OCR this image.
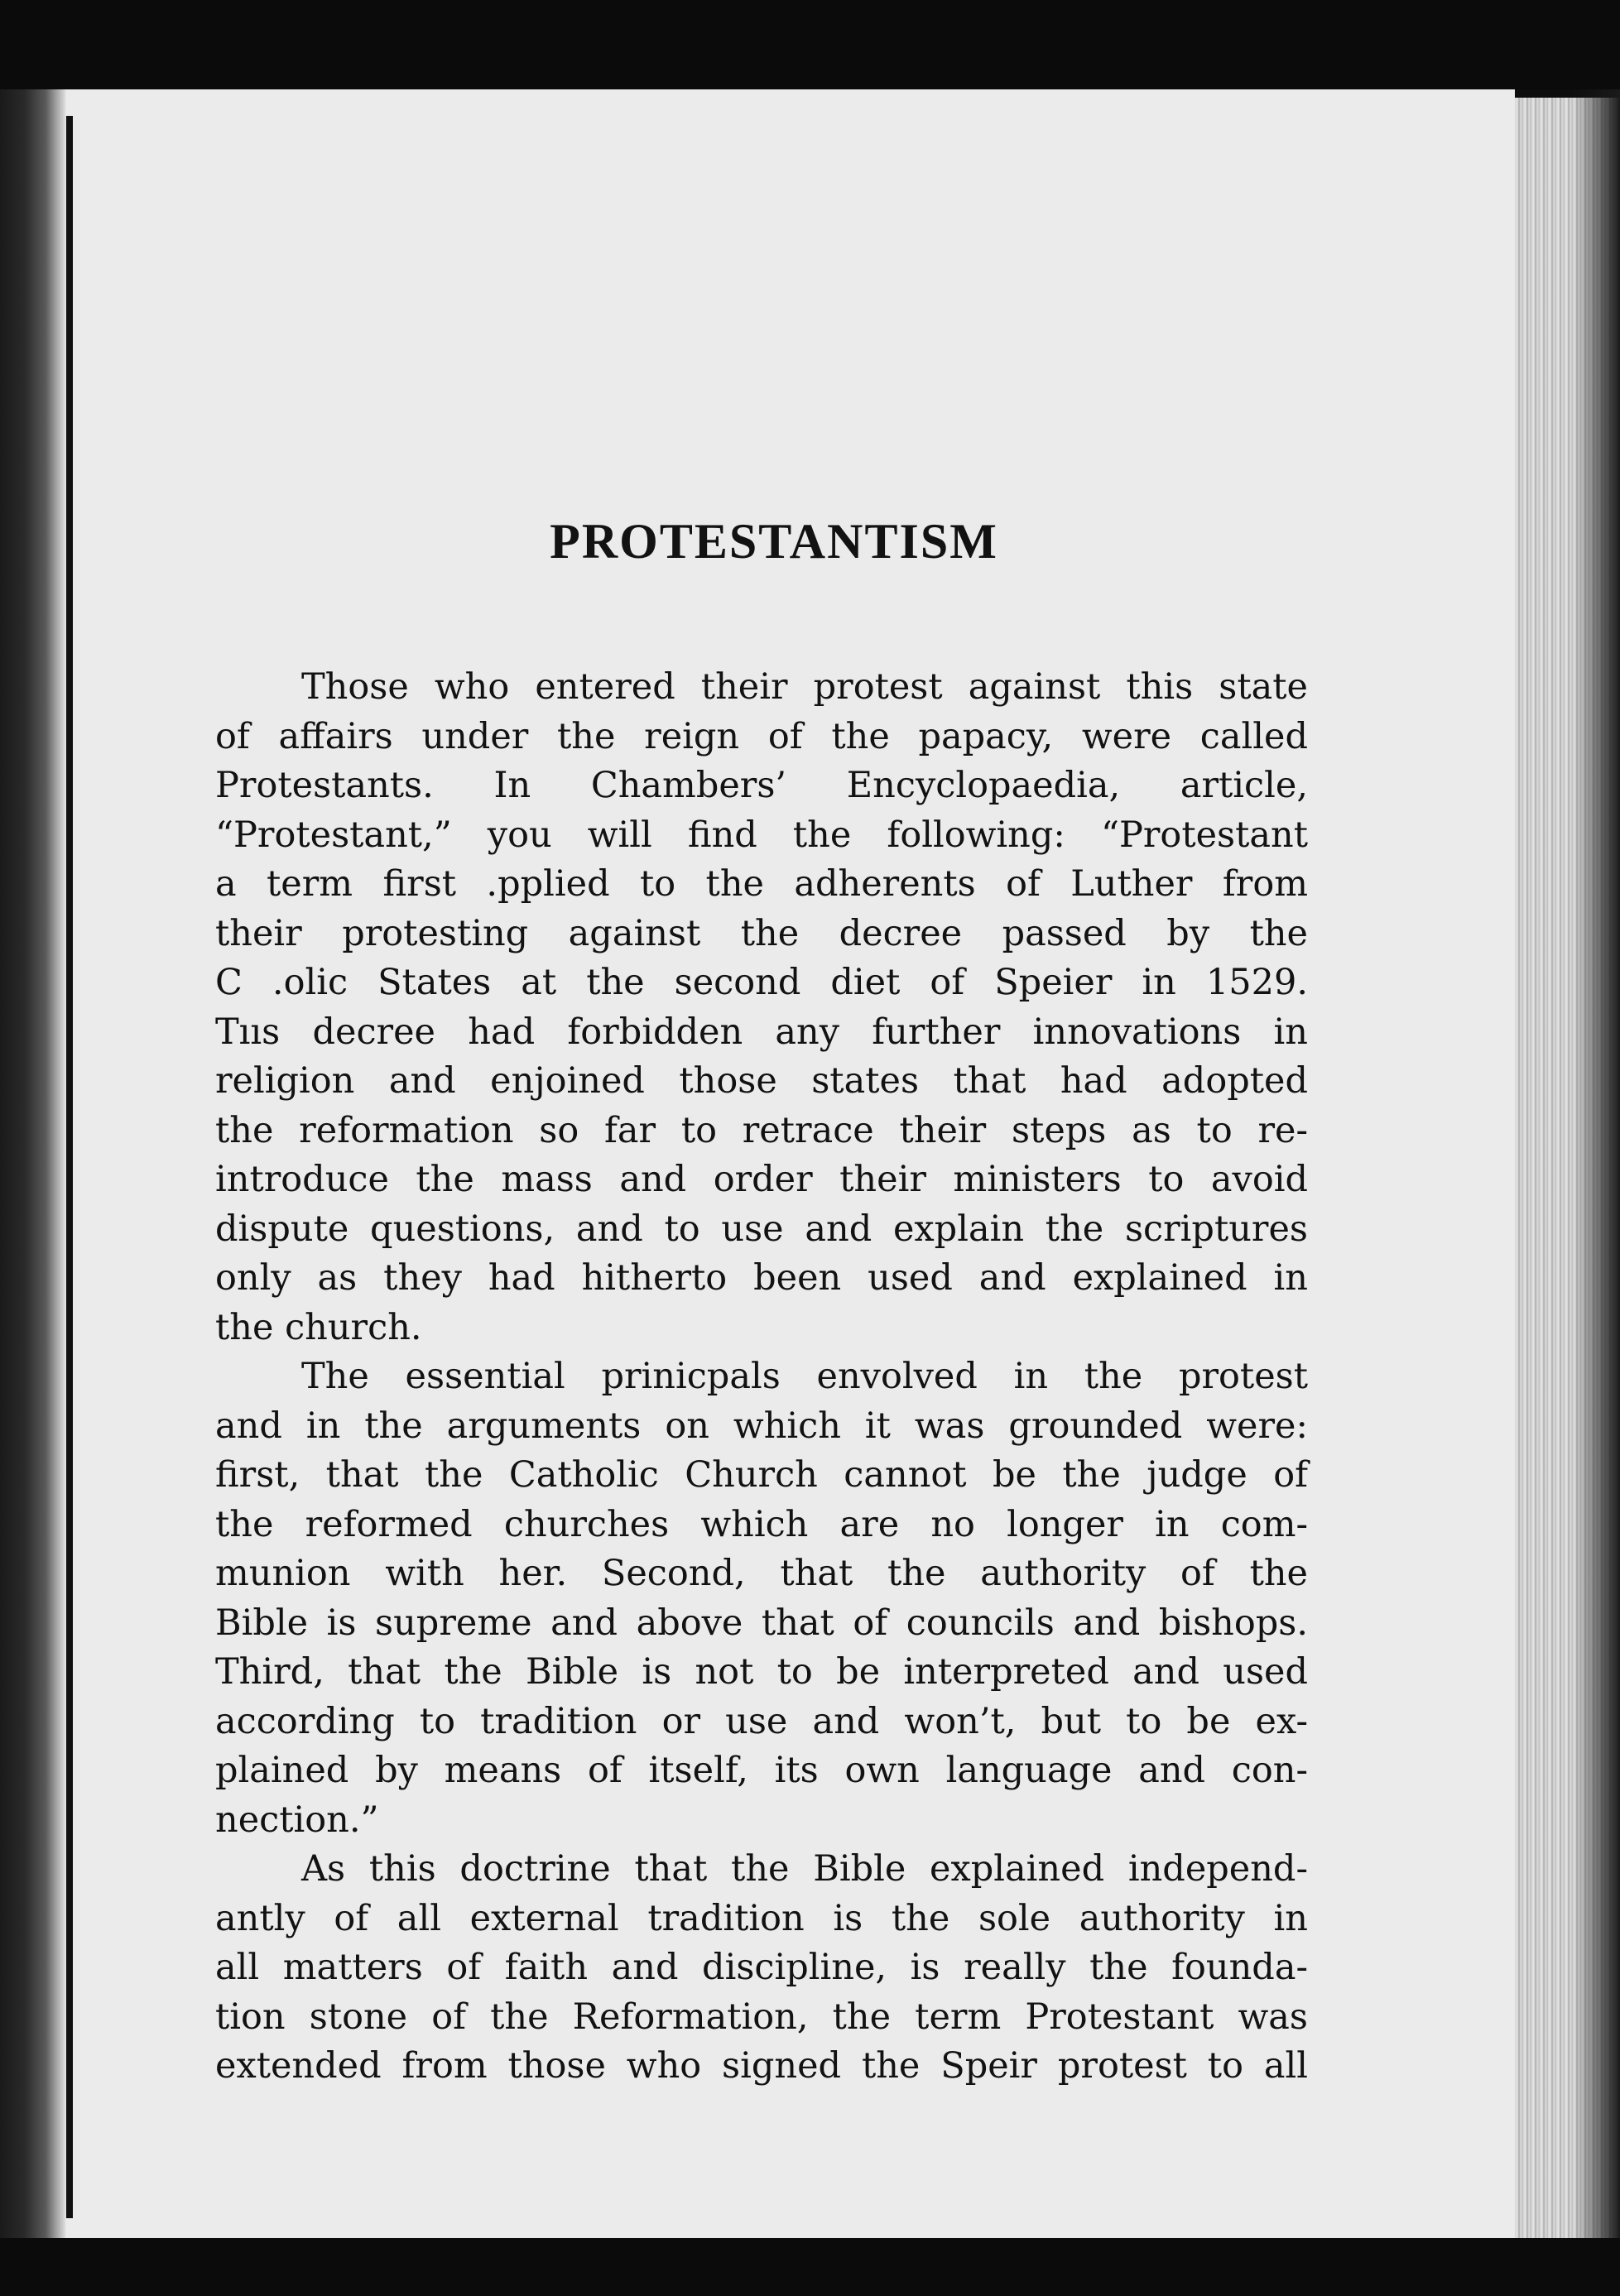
PROTESTANTISM
Those who entered their protest against this state
of affairs under the reign of the papacy, were called
Protestants. In Chambers’ Encyclopaedia, article,
“Protestant,” you will find the following: “Protestant
a term first .pplied to the adherents of Luther from
their protesting against the decree passed by the
C .olic States at the second diet of Speier in 1529.
Tııs decree had forbidden any further innovations in
religion and enjoined those states that had adopted
the reformation so far to retrace their steps as to re-
introduce the mass and order their ministers to avoid
dispute questions, and to use and explain the scriptures
only as they had hitherto been used and explained in
the church.
The essential prinicpals envolved in the protest
and in the arguments on which it was grounded were:
first, that the Catholic Church cannot be the judge of
the reformed churches which are no longer in com-
munion with her. Second, that the authority of the
Bible is supreme and above that of councils and bishops.
Third, that the Bible is not to be interpreted and used
according to tradition or use and won’t, but to be ex-
plained by means of itself, its own language and con-
nection.”
As this doctrine that the Bible explained independ-
antly of all external tradition is the sole authority in
all matters of faith and discipline, is really the founda-
tion stone of the Reformation, the term Protestant was
extended from those who signed the Speir protest to all
